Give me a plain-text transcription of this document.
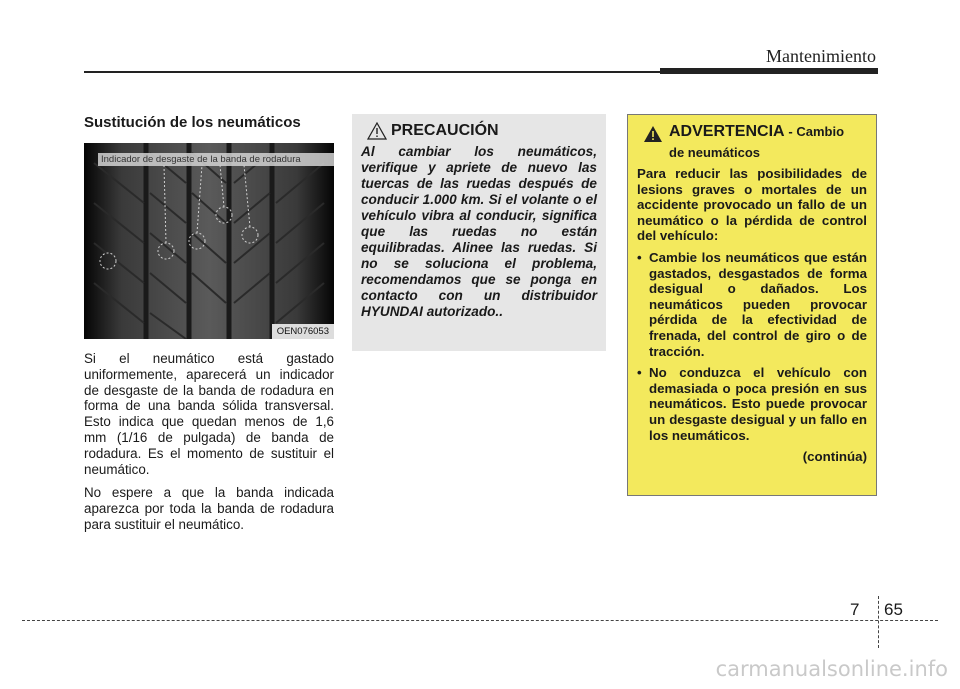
Mantenimiento
Sustitución de los neumáticos
Indicador de desgaste de la banda de rodadura
OEN076053

Si el neumático está gastado uniformemente, aparecerá un indicador de desgaste de la banda de rodadura en forma de una banda sólida transversal. Esto indica que quedan menos de 1,6 mm (1/16 de pulgada) de banda de rodadura. Es el momento de sustituir el neumático.

No espere a que la banda indicada aparezca por toda la banda de rodadura para sustituir el neumático.

PRECAUCIÓN

Al cambiar los neumáticos, verifique y apriete de nuevo las tuercas de las ruedas después de conducir 1.000 km. Si el volante o el vehículo vibra al conducir, significa que las ruedas no están equilibradas. Alinee las ruedas. Si no se soluciona el problema, recomendamos que se ponga en contacto con un distribuidor HYUNDAI autorizado..

ADVERTENCIA - Cambio
de neumáticos

Para reducir las posibilidades de lesions graves o mortales de un accidente provocado un fallo de un neumático o la pérdida de control del vehículo:

• Cambie los neumáticos que están gastados, desgastados de forma desigual o dañados. Los neumáticos pueden provocar pérdida de la efectividad de frenada, del control de giro o de tracción.
• No conduzca el vehículo con demasiada o poca presión en sus neumáticos. Esto puede provocar un desgaste desigual y un fallo en los neumáticos.
(continúa)
7 65
carmanualsonline.info
